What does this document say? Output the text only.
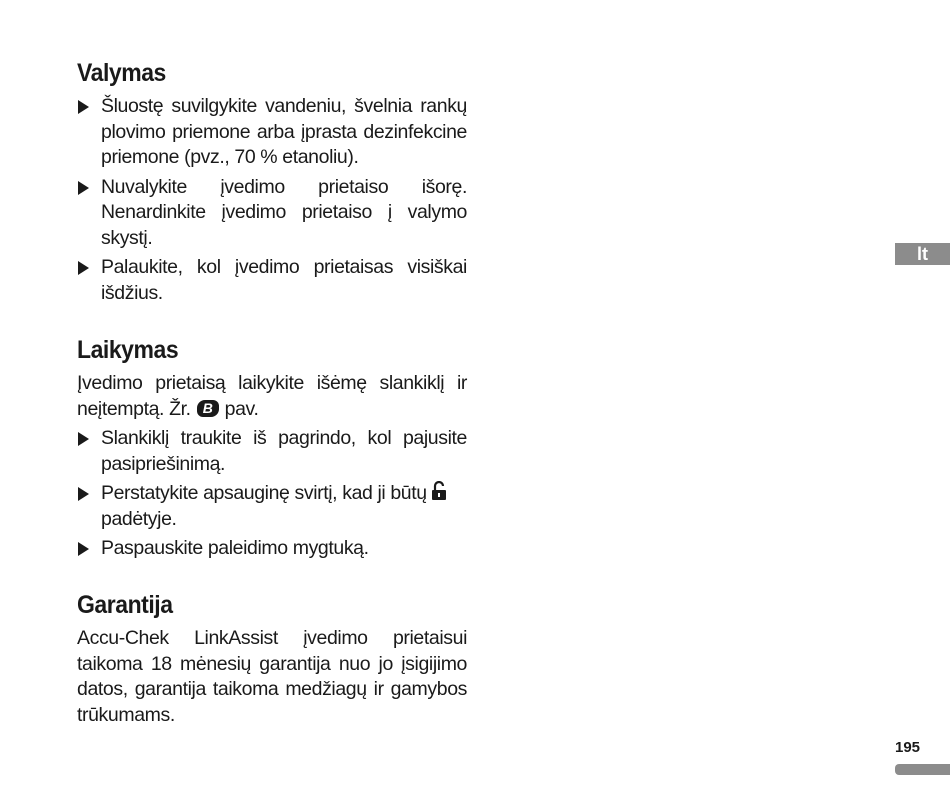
Valymas
Šluostę suvilgykite vandeniu, švelnia rankų plovimo priemone arba įprasta dezinfekcine priemone (pvz., 70 % etanoliu).
Nuvalykite įvedimo prietaiso išorę. Nenardinkite įvedimo prietaiso į valymo skystį.
Palaukite, kol įvedimo prietaisas visiškai išdžius.
Laikymas

Įvedimo prietaisą laikykite išėmę slankiklį ir neįtemptą. Žr. B pav.

Slankiklį traukite iš pagrindo, kol pajusite pasipriešinimą.
Perstatykite apsauginę svirtį, kad ji būtų
padėtyje.
Paspauskite paleidimo mygtuką.
Garantija

Accu-Chek LinkAssist įvedimo prietaisui taikoma 18 mėnesių garantija nuo jo įsigijimo datos, garantija taikoma medžiagų ir gamybos trūkumams.

lt
195
